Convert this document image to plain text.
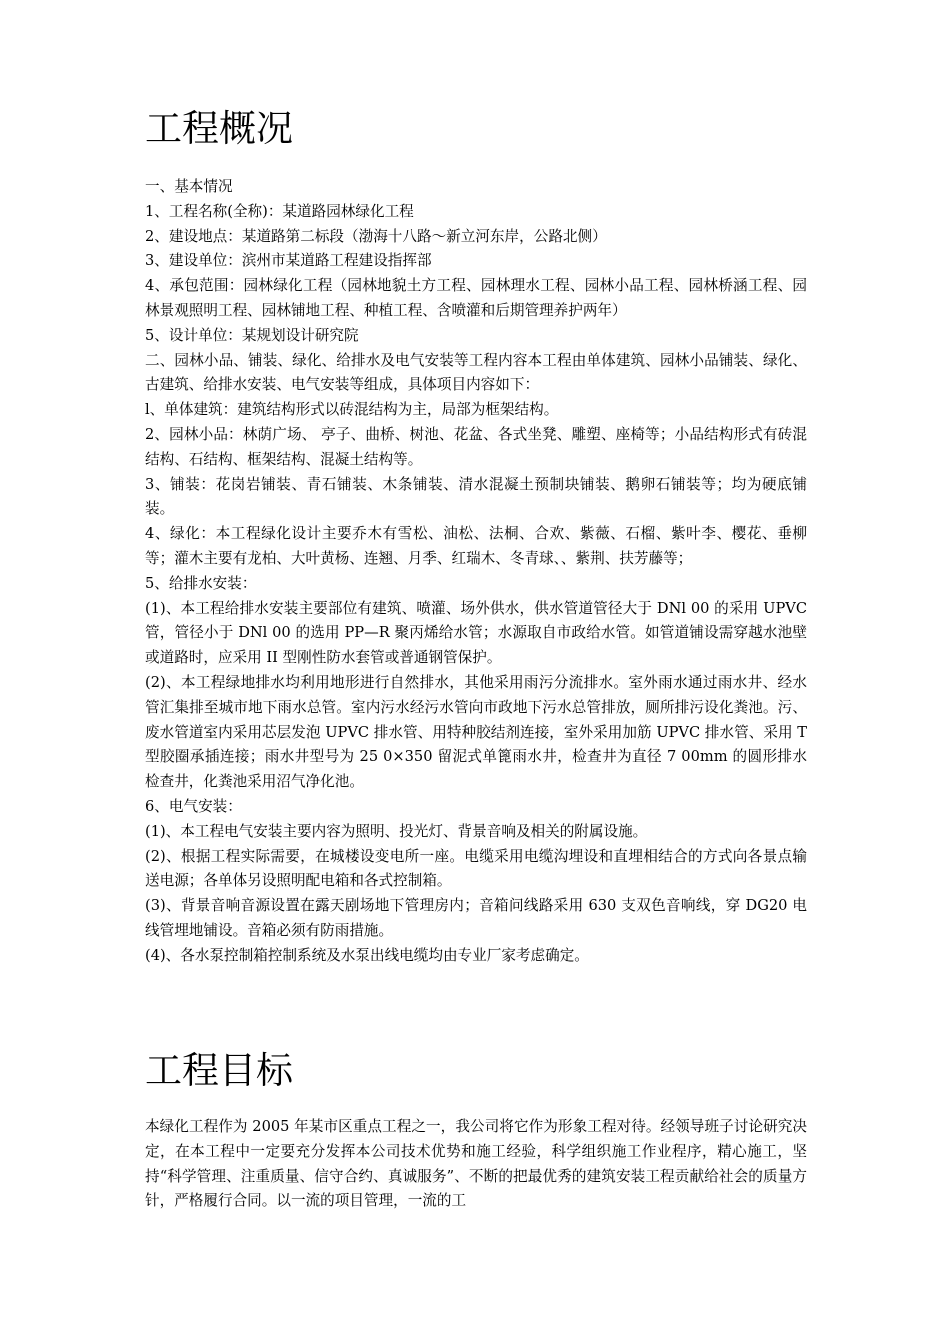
工程概况

一、基本情况

1、工程名称(全称)：某道路园林绿化工程

2、建设地点：某道路第二标段（渤海十八路～新立河东岸，公路北侧）

3、建设单位：滨州市某道路工程建设指挥部

4、承包范围：园林绿化工程（园林地貌土方工程、园林理水工程、园林小品工程、园林桥涵工程、园林景观照明工程、园林铺地工程、种植工程、含喷灌和后期管理养护两年）

5、设计单位：某规划设计研究院

二、园林小品、铺装、绿化、给排水及电气安装等工程内容本工程由单体建筑、园林小品铺装、绿化、古建筑、给排水安装、电气安装等组成，具体项目内容如下：

l、单体建筑：建筑结构形式以砖混结构为主，局部为框架结构。

2、园林小品：林荫广场、 亭子、曲桥、树池、花盆、各式坐凳、雕塑、座椅等；小品结构形式有砖混结构、石结构、框架结构、混凝土结构等。

3、铺装：花岗岩铺装、青石铺装、木条铺装、清水混凝土预制块铺装、鹅卵石铺装等；均为硬底铺装。

4、绿化：本工程绿化设计主要乔木有雪松、油松、法桐、合欢、紫薇、石榴、紫叶李、樱花、垂柳等；灌木主要有龙柏、大叶黄杨、连翘、月季、红瑞木、冬青球、、紫荆、扶芳藤等；

5、给排水安装：

(1)、本工程给排水安装主要部位有建筑、喷灌、场外供水，供水管道管径大于 DNl 00 的采用 UPVC 管，管径小于 DNl 00 的选用 PP—R 聚丙烯给水管；水源取自市政给水管。如管道铺设需穿越水池壁或道路时，应采用 II 型刚性防水套管或普通钢管保护。

(2)、本工程绿地排水均利用地形进行自然排水，其他采用雨污分流排水。室外雨水通过雨水井、经水管汇集排至城市地下雨水总管。室内污水经污水管向市政地下污水总管排放，厕所排污设化粪池。污、废水管道室内采用芯层发泡 UPVC 排水管、用特种胶结剂连接，室外采用加筋 UPVC 排水管、采用 T 型胶圈承插连接；雨水井型号为 25 0×350 留泥式单篦雨水井，检查井为直径 7 00mm 的圆形排水检查井，化粪池采用沼气净化池。

6、电气安装：

(1)、本工程电气安装主要内容为照明、投光灯、背景音响及相关的附属设施。

(2)、根据工程实际需要，在城楼设变电所一座。电缆采用电缆沟埋设和直埋相结合的方式向各景点输送电源；各单体另设照明配电箱和各式控制箱。

(3)、背景音响音源设置在露天剧场地下管理房内；音箱问线路采用 630 支双色音响线，穿 DG20 电线管埋地铺设。音箱必须有防雨措施。

(4)、各水泵控制箱控制系统及水泵出线电缆均由专业厂家考虑确定。

工程目标

本绿化工程作为 2005 年某市区重点工程之一，我公司将它作为形象工程对待。经领导班子讨论研究决定，在本工程中一定要充分发挥本公司技术优势和施工经验，科学组织施工作业程序，精心施工，坚持“科学管理、注重质量、信守合约、真诚服务”、不断的把最优秀的建筑安装工程贡献给社会的质量方针，严格履行合同。以一流的项目管理，一流的工
